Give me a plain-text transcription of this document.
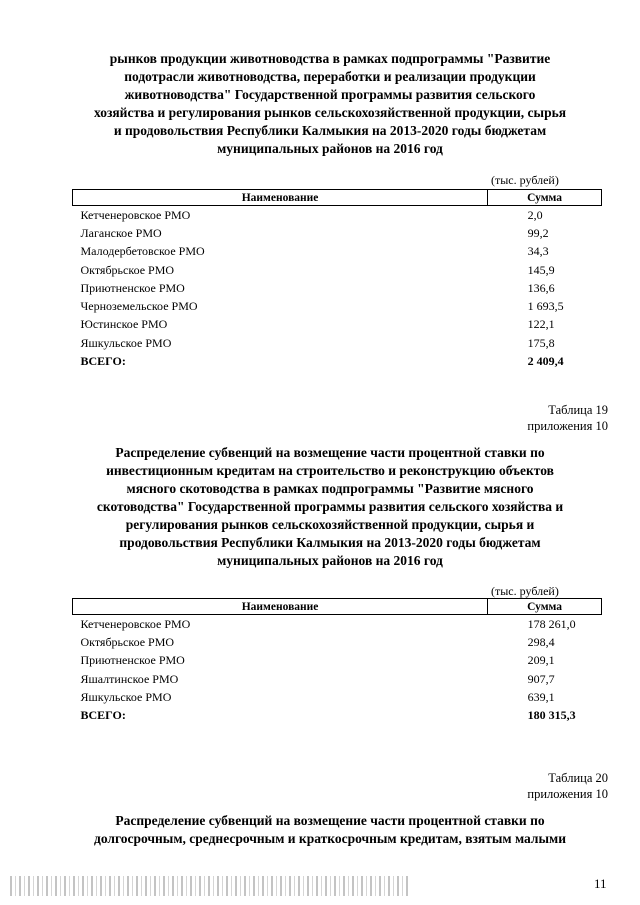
рынков продукции животноводства в рамках подпрограммы "Развитие
подотрасли животноводства, переработки и реализации продукции
животноводства" Государственной программы развития сельского
хозяйства и регулирования рынков сельскохозяйственной продукции, сырья
и продовольствия Республики Калмыкия на 2013-2020 годы бюджетам
муниципальных районов на 2016 год
(тыс. рублей)
Наименование	Сумма
Кетченеровское РМО	2,0
Лаганское РМО	99,2
Малодербетовское РМО	34,3
Октябрьское РМО	145,9
Приютненское РМО	136,6
Черноземельское РМО	1 693,5
Юстинское РМО	122,1
Яшкульское РМО	175,8
ВСЕГО:	2 409,4
Таблица 19
приложения 10
Распределение субвенций на возмещение части процентной ставки по
инвестиционным кредитам на строительство и реконструкцию объектов
мясного скотоводства в рамках подпрограммы "Развитие мясного
скотоводства" Государственной программы развития сельского хозяйства и
регулирования рынков сельскохозяйственной продукции, сырья и
продовольствия Республики Калмыкия на 2013-2020 годы бюджетам
муниципальных районов на 2016 год
(тыс. рублей)
Наименование	Сумма
Кетченеровское РМО	178 261,0
Октябрьское РМО	298,4
Приютненское РМО	209,1
Яшалтинское РМО	907,7
Яшкульское РМО	639,1
ВСЕГО:	180 315,3
Таблица 20
приложения 10
Распределение субвенций на возмещение части процентной ставки по
долгосрочным, среднесрочным и краткосрочным кредитам, взятым малыми
11
